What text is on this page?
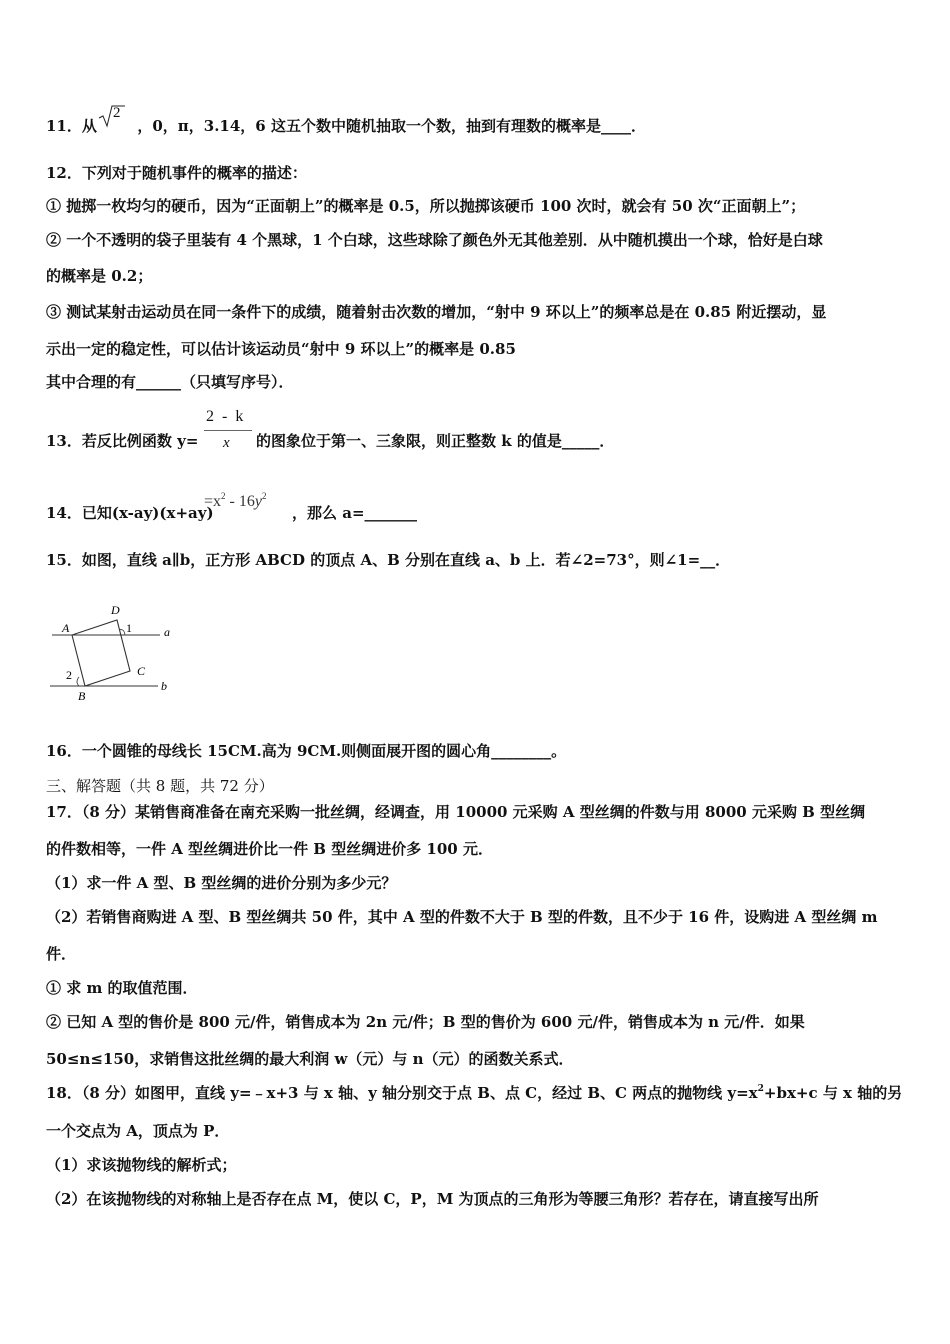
11．从	，0，π，3.14，6 这五个数中随机抽取一个数，抽到有理数的概率是____．
2
12．下列对于随机事件的概率的描述：
① 抛掷一枚均匀的硬币，因为“正面朝上”的概率是 0.5，所以抛掷该硬币 100 次时，就会有 50 次“正面朝上”；
② 一个不透明的袋子里装有 4 个黑球，1 个白球，这些球除了颜色外无其他差别．从中随机摸出一个球，恰好是白球
的概率是 0.2；
③ 测试某射击运动员在同一条件下的成绩，随着射击次数的增加，“射中 9 环以上”的频率总是在 0.85 附近摆动，显
示出一定的稳定性，可以估计该运动员“射中 9 环以上”的概率是 0.85
其中合理的有______（只填写序号）．
13．若反比例函数 y=
2 - k
x 的图象位于第一、三象限，则正整数 k 的值是_____．
14．已知(x-ay)(x+ay)
$=x^2 - 16y^2$
，那么 a=_______
15．如图，直线 a∥b，正方形 ABCD 的顶点 A、B 分别在直线 a、b 上．若∠2=73°，则∠1=__．
A
D
1	a
2	C
B
b
16．一个圆锥的母线长 15CM.高为 9CM.则侧面展开图的圆心角________。
三、解答题（共 8 题，共 72 分）
17．（8 分）某销售商准备在南充采购一批丝绸，经调查，用 10000 元采购 A 型丝绸的件数与用 8000 元采购 B 型丝绸
的件数相等，一件 A 型丝绸进价比一件 B 型丝绸进价多 100 元．
（1）求一件 A 型、B 型丝绸的进价分别为多少元？
（2）若销售商购进 A 型、B 型丝绸共 50 件，其中 A 型的件数不大于 B 型的件数，且不少于 16 件，设购进 A 型丝绸 m
件．
① 求 m 的取值范围．
② 已知 A 型的售价是 800 元/件，销售成本为 2n 元/件；B 型的售价为 600 元/件，销售成本为 n 元/件．如果
50≤n≤150，求销售这批丝绸的最大利润 w（元）与 n（元）的函数关系式．
18．（8 分）如图甲，直线 y=﹣x+3 与 x 轴、y 轴分别交于点 B、点 C，经过 B、C 两点的抛物线 $y=x^2+bx+c$ 与 x 轴的另
一个交点为 A，顶点为 P．
（1）求该抛物线的解析式；
（2）在该抛物线的对称轴上是否存在点 M，使以 C，P，M 为顶点的三角形为等腰三角形？若存在，请直接写出所
